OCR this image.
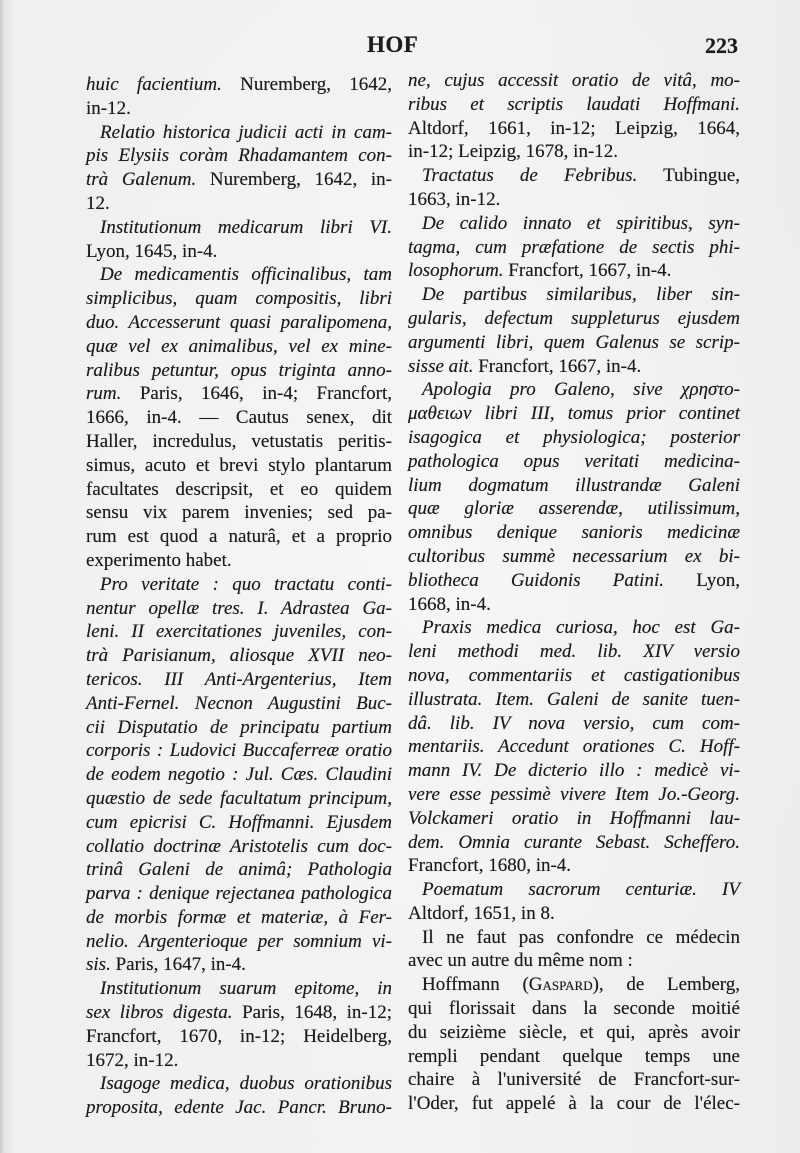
HOF	223
huic facientium. Nuremberg, 1642,
in-12.
Relatio historica judicii acti in cam-
pis Elysiis coràm Rhadamantem con-
trà Galenum. Nuremberg, 1642, in-
12.
Institutionum medicarum libri VI.
Lyon, 1645, in-4.
De medicamentis officinalibus, tam
simplicibus, quam compositis, libri
duo. Accesserunt quasi paralipomena,
quæ vel ex animalibus, vel ex mine-
ralibus petuntur, opus triginta anno-
rum. Paris, 1646, in-4; Francfort,
1666, in-4. — Cautus senex, dit
Haller, incredulus, vetustatis peritis-
simus, acuto et brevi stylo plantarum
facultates descripsit, et eo quidem
sensu vix parem invenies; sed pa-
rum est quod a naturâ, et a proprio
experimento habet.
Pro veritate : quo tractatu conti-
nentur opellæ tres. I. Adrastea Ga-
leni. II exercitationes juveniles, con-
trà Parisianum, aliosque XVII neo-
tericos. III Anti-Argenterius, Item
Anti-Fernel. Necnon Augustini Buc-
cii Disputatio de principatu partium
corporis : Ludovici Buccaferreæ oratio
de eodem negotio : Jul. Cæs. Claudini
quæstio de sede facultatum principum,
cum epicrisi C. Hoffmanni. Ejusdem
collatio doctrinæ Aristotelis cum doc-
trinâ Galeni de animâ; Pathologia
parva : denique rejectanea pathologica
de morbis formæ et materiæ, à Fer-
nelio. Argenterioque per somnium vi-
sis. Paris, 1647, in-4.
Institutionum suarum epitome, in
sex libros digesta. Paris, 1648, in-12;
Francfort, 1670, in-12; Heidelberg,
1672, in-12.
Isagoge medica, duobus orationibus
proposita, edente Jac. Pancr. Bruno-
ne, cujus accessit oratio de vitâ, mo-
ribus et scriptis laudati Hoffmani.
Altdorf, 1661, in-12; Leipzig, 1664,
in-12; Leipzig, 1678, in-12.
Tractatus de Febribus. Tubingue,
1663, in-12.
De calido innato et spiritibus, syn-
tagma, cum præfatione de sectis phi-
losophorum. Francfort, 1667, in-4.
De partibus similaribus, liber sin-
gularis, defectum suppleturus ejusdem
argumenti libri, quem Galenus se scrip-
sisse ait. Francfort, 1667, in-4.
Apologia pro Galeno, sive χρηστο-
μαθειων libri III, tomus prior continet
isagogica et physiologica; posterior
pathologica opus veritati medicina-
lium dogmatum illustrandæ Galeni
quæ gloriæ asserendæ, utilissimum,
omnibus denique sanioris medicinæ
cultoribus summè necessarium ex bi-
bliotheca Guidonis Patini. Lyon,
1668, in-4.
Praxis medica curiosa, hoc est Ga-
leni methodi med. lib. XIV versio
nova, commentariis et castigationibus
illustrata. Item. Galeni de sanite tuen-
dâ. lib. IV nova versio, cum com-
mentariis. Accedunt orationes C. Hoff-
mann IV. De dicterio illo : medicè vi-
vere esse pessimè vivere Item Jo.-Georg.
Volckameri oratio in Hoffmanni lau-
dem. Omnia curante Sebast. Scheffero.
Francfort, 1680, in-4.
Poematum sacrorum centuriæ. IV
Altdorf, 1651, in 8.
Il ne faut pas confondre ce médecin
avec un autre du même nom :
Hoffmann (Gaspard), de Lemberg,
qui florissait dans la seconde moitié
du seizième siècle, et qui, après avoir
rempli pendant quelque temps une
chaire à l'université de Francfort-sur-
l'Oder, fut appelé à la cour de l'élec-
